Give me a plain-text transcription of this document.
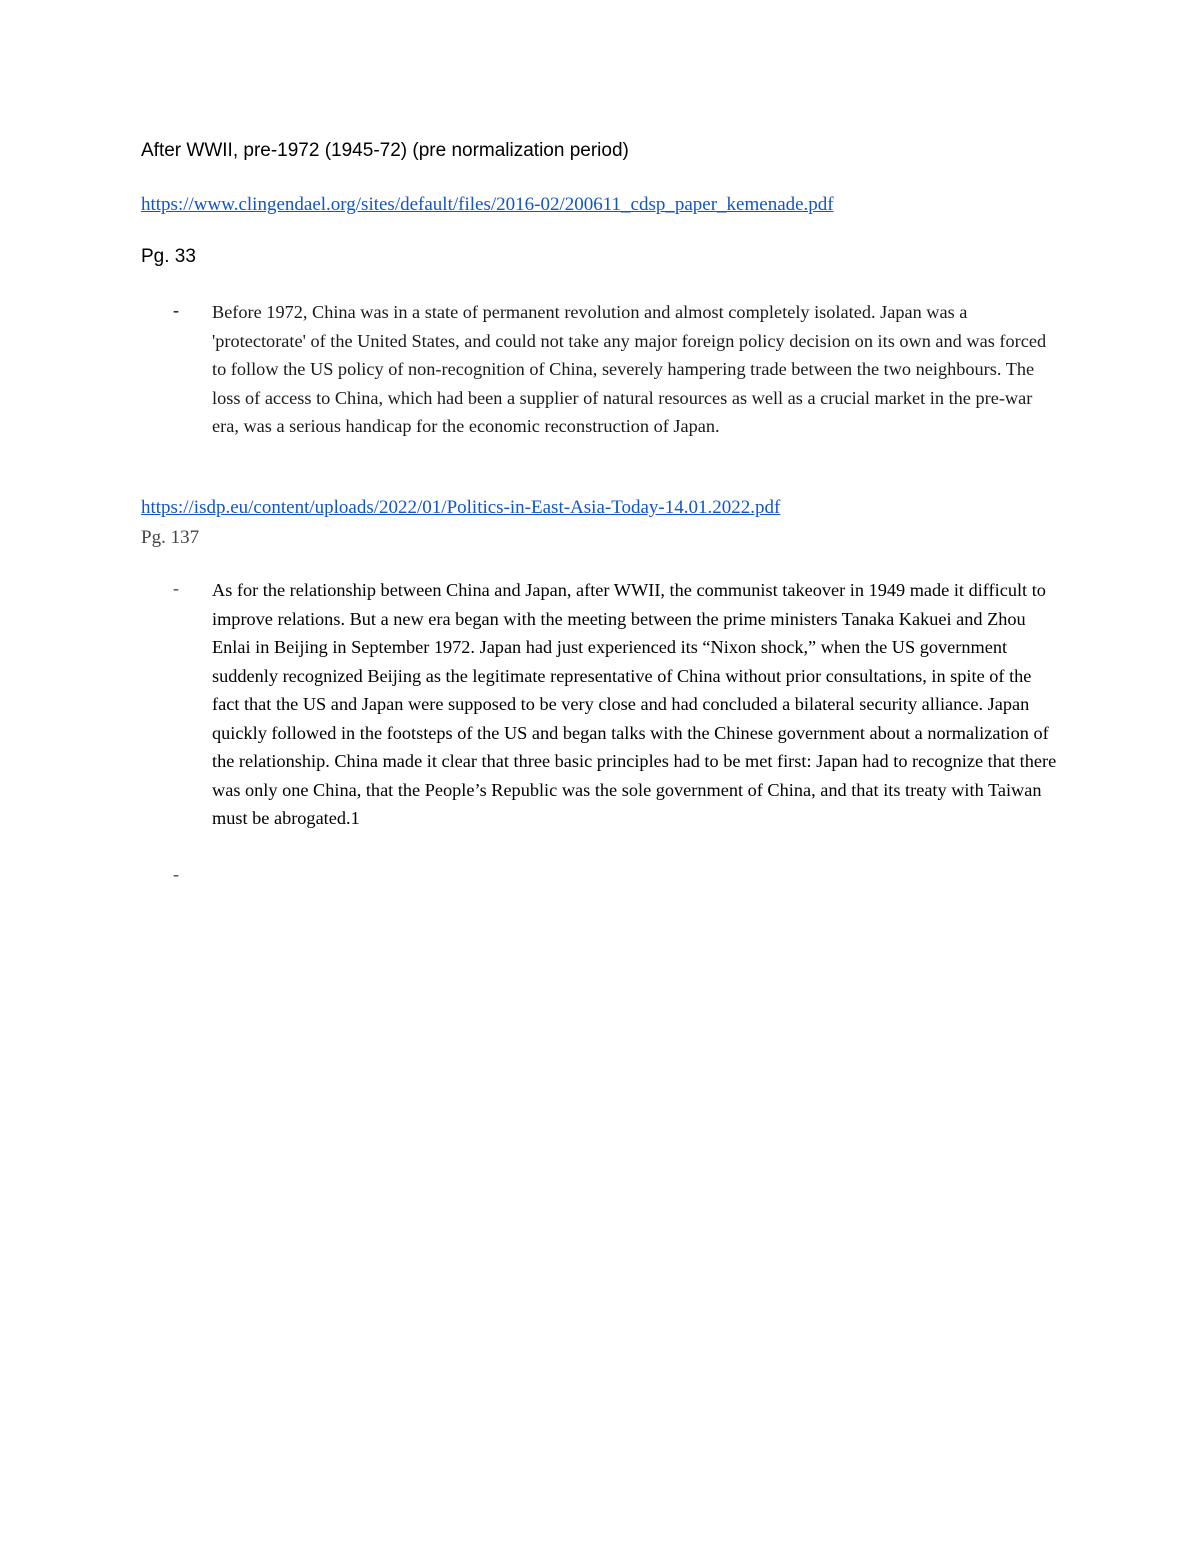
After WWII, pre-1972 (1945-72) (pre normalization period)
https://www.clingendael.org/sites/default/files/2016-02/200611_cdsp_paper_kemenade.pdf
Pg. 33
- Before 1972, China was in a state of permanent revolution and almost completely isolated. Japan was a 'protectorate' of the United States, and could not take any major foreign policy decision on its own and was forced to follow the US policy of non-recognition of China, severely hampering trade between the two neighbours. The loss of access to China, which had been a supplier of natural resources as well as a crucial market in the pre-war era, was a serious handicap for the economic reconstruction of Japan.

https://isdp.eu/content/uploads/2022/01/Politics-in-East-Asia-Today-14.01.2022.pdf
Pg. 137
- As for the relationship between China and Japan, after WWII, the communist takeover in 1949 made it difficult to improve relations. But a new era began with the meeting between the prime ministers Tanaka Kakuei and Zhou Enlai in Beijing in September 1972. Japan had just experienced its “Nixon shock,” when the US government suddenly recognized Beijing as the legitimate representative of China without prior consultations, in spite of the fact that the US and Japan were supposed to be very close and had concluded a bilateral security alliance. Japan quickly followed in the footsteps of the US and began talks with the Chinese government about a normalization of the relationship. China made it clear that three basic principles had to be met first: Japan had to recognize that there was only one China, that the People’s Republic was the sole government of China, and that its treaty with Taiwan must be abrogated.1

-
